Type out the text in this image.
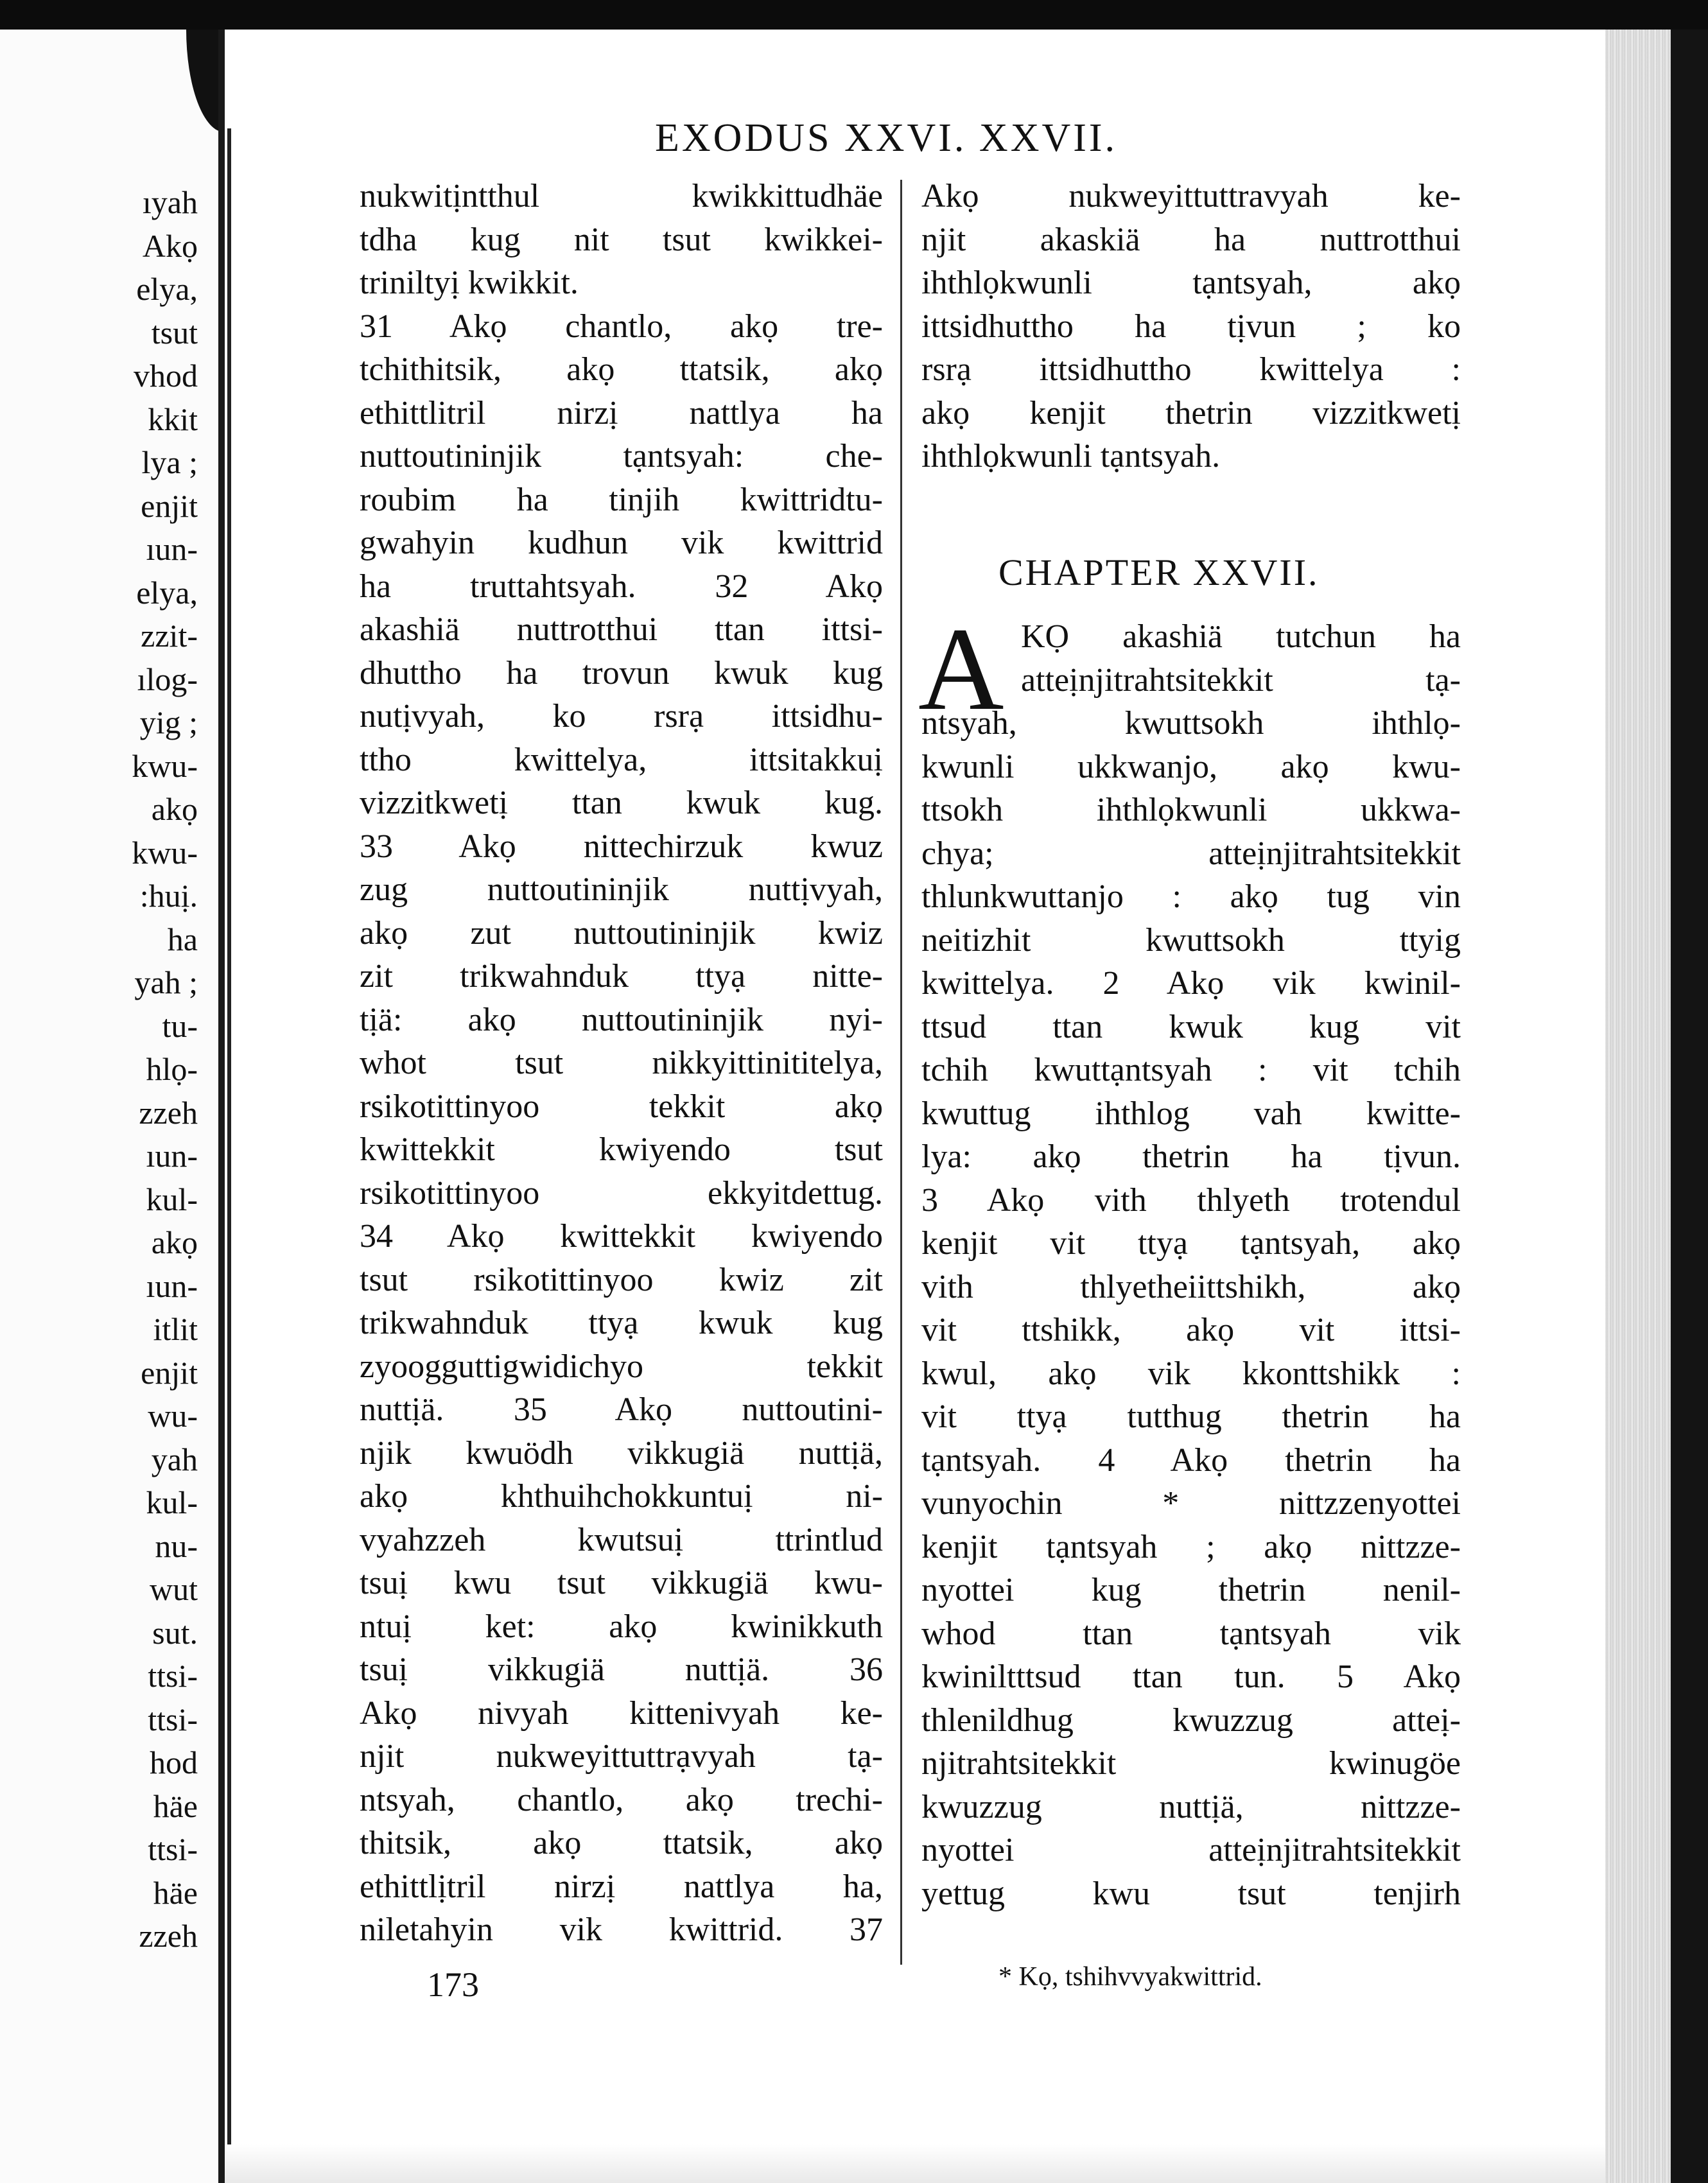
ıyah
Akọ
elya,
tsut
vhod
kkit
lya ;
enjit
ıun-
elya,
zzit-
ılog-
yig ;
kwu-
akọ
kwu-
:huị.
ha
yah ;
tu-
hlọ-
zzeh
ıun-
kul-
akọ
ıun-
itlit
enjit
wu-
yah
kul-
nu-
wut
sut.
ttsi-
ttsi-
hod
häe
ttsi-
häe
zzeh
EXODUS XXVI. XXVII.
nukwitịntthul kwikkittudhäe
tdha kug nit tsut kwikkei-
triniltyị kwikkit.
31 Akọ chantlo, akọ tre-
tchithitsik, akọ ttatsik, akọ
ethittlitril nirzị nattlya ha
nuttoutininjik tạntsyah: che-
roubim ha tinjih kwittridtu-
gwahyin kudhun vik kwittrid
ha truttahtsyah. 32 Akọ
akashiä nuttrotthui ttan ittsi-
dhuttho ha trovun kwuk kug
nutịvyah, ko rsrạ ittsidhu-
ttho kwittelya, ittsitakkuị
vizzitkwetị ttan kwuk kug.
33 Akọ nittechirzuk kwuz
zug nuttoutininjik nuttịvyah,
akọ zut nuttoutininjik kwiz
zit trikwahnduk ttyạ nitte-
tịä: akọ nuttoutininjik nyi-
whot tsut nikkyittinititelya,
rsikotittinyoo tekkit akọ
kwittekkit kwiyendo tsut
rsikotittinyoo ekkyitdettug.
34 Akọ kwittekkit kwiyendo
tsut rsikotittinyoo kwiz zit
trikwahnduk ttyạ kwuk kug
zyoogguttigwidichyo tekkit
nuttịä. 35 Akọ nuttoutini-
njik kwuödh vikkugiä nuttịä,
akọ khthuihchokkuntuị ni-
vyahzzeh kwutsuị ttrintlud
tsuị kwu tsut vikkugiä kwu-
ntuị ket: akọ kwinikkuth
tsuị vikkugiä nuttịä. 36
Akọ nivyah kittenivyah ke-
njit nukweyittuttrạvyah tạ-
ntsyah, chantlo, akọ trechi-
thitsik, akọ ttatsik, akọ
ethittlịtril nirzị nattlya ha,
niletahyin vik kwittrid. 37
Akọ nukweyittuttravyah ke-
njit akaskiä ha nuttrotthui
ihthlọkwunli tạntsyah, akọ
ittsidhuttho ha tịvun ; ko
rsrạ ittsidhuttho kwittelya :
akọ kenjit thetrin vizzitkwetị
ihthlọkwunli tạntsyah.
CHAPTER XXVII.
A KỌ akashiä tutchun ha
atteịnjitrahtsitekkit tạ-
ntsyah, kwuttsokh ihthlọ-
kwunli ukkwanjo, akọ kwu-
ttsokh ihthlọkwunli ukkwa-
chya; atteịnjitrahtsitekkit
thlunkwuttanjo : akọ tug vin
neitizhit kwuttsokh ttyig
kwittelya. 2 Akọ vik kwinil-
ttsud ttan kwuk kug vit
tchih kwuttạntsyah : vit tchih
kwuttug ihthlog vah kwitte-
lya: akọ thetrin ha tịvun.
3 Akọ vith thlyeth trotendul
kenjit vit ttyạ tạntsyah, akọ
vith thlyetheiittshikh, akọ
vit ttshikk, akọ vit ittsi-
kwul, akọ vik kkonttshikk :
vit ttyạ tutthug thetrin ha
tạntsyah. 4 Akọ thetrin ha
vunyochin * nittzzenyottei
kenjit tạntsyah ; akọ nittzze-
nyottei kug thetrin nenil-
whod ttan tạntsyah vik
kwiniltttsud ttan tun. 5 Akọ
thlenildhug kwuzzug atteị-
njitrahtsitekkit kwinugöe
kwuzzug nuttịä, nittzze-
nyottei atteịnjitrahtsitekkit
yettug kwu tsut tenjirh
* Kọ, tshihvvyakwittrid.
173
